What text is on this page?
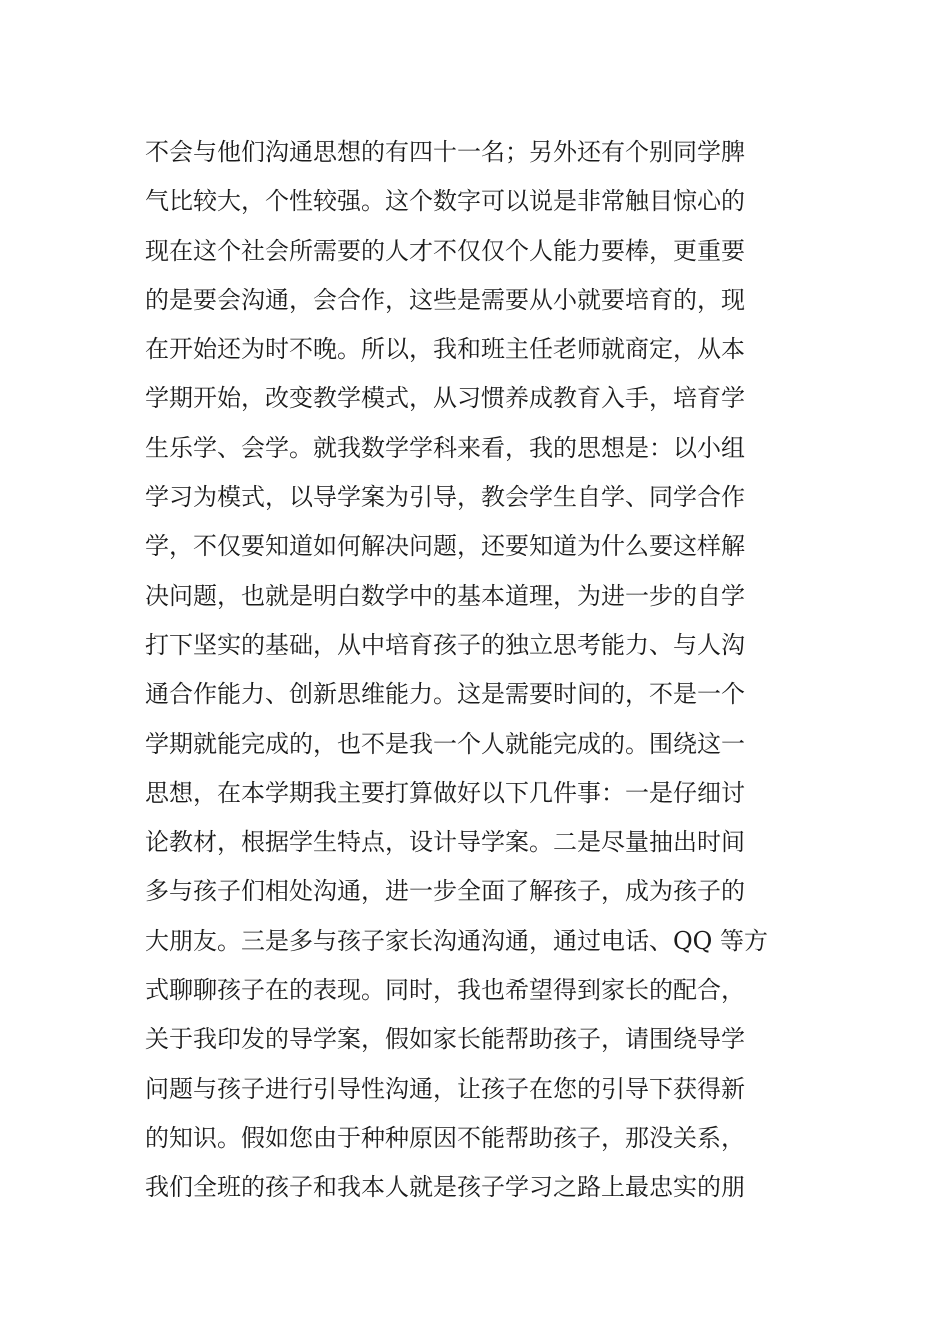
不会与他们沟通思想的有四十一名；另外还有个别同学脾
气比较大，个性较强。这个数字可以说是非常触目惊心的
现在这个社会所需要的人才不仅仅个人能力要棒，更重要
的是要会沟通，会合作，这些是需要从小就要培育的，现
在开始还为时不晚。所以，我和班主任老师就商定，从本
学期开始，改变教学模式，从习惯养成教育入手，培育学
生乐学、会学。就我数学学科来看，我的思想是：以小组
学习为模式，以导学案为引导，教会学生自学、同学合作
学，不仅要知道如何解决问题，还要知道为什么要这样解
决问题，也就是明白数学中的基本道理，为进一步的自学
打下坚实的基础，从中培育孩子的独立思考能力、与人沟
通合作能力、创新思维能力。这是需要时间的，不是一个
学期就能完成的，也不是我一个人就能完成的。围绕这一
思想，在本学期我主要打算做好以下几件事：一是仔细讨
论教材，根据学生特点，设计导学案。二是尽量抽出时间
多与孩子们相处沟通，进一步全面了解孩子，成为孩子的
大朋友。三是多与孩子家长沟通沟通，通过电话、QQ 等方
式聊聊孩子在的表现。同时，我也希望得到家长的配合，
关于我印发的导学案，假如家长能帮助孩子，请围绕导学
问题与孩子进行引导性沟通，让孩子在您的引导下获得新
的知识。假如您由于种种原因不能帮助孩子，那没关系，
我们全班的孩子和我本人就是孩子学习之路上最忠实的朋
